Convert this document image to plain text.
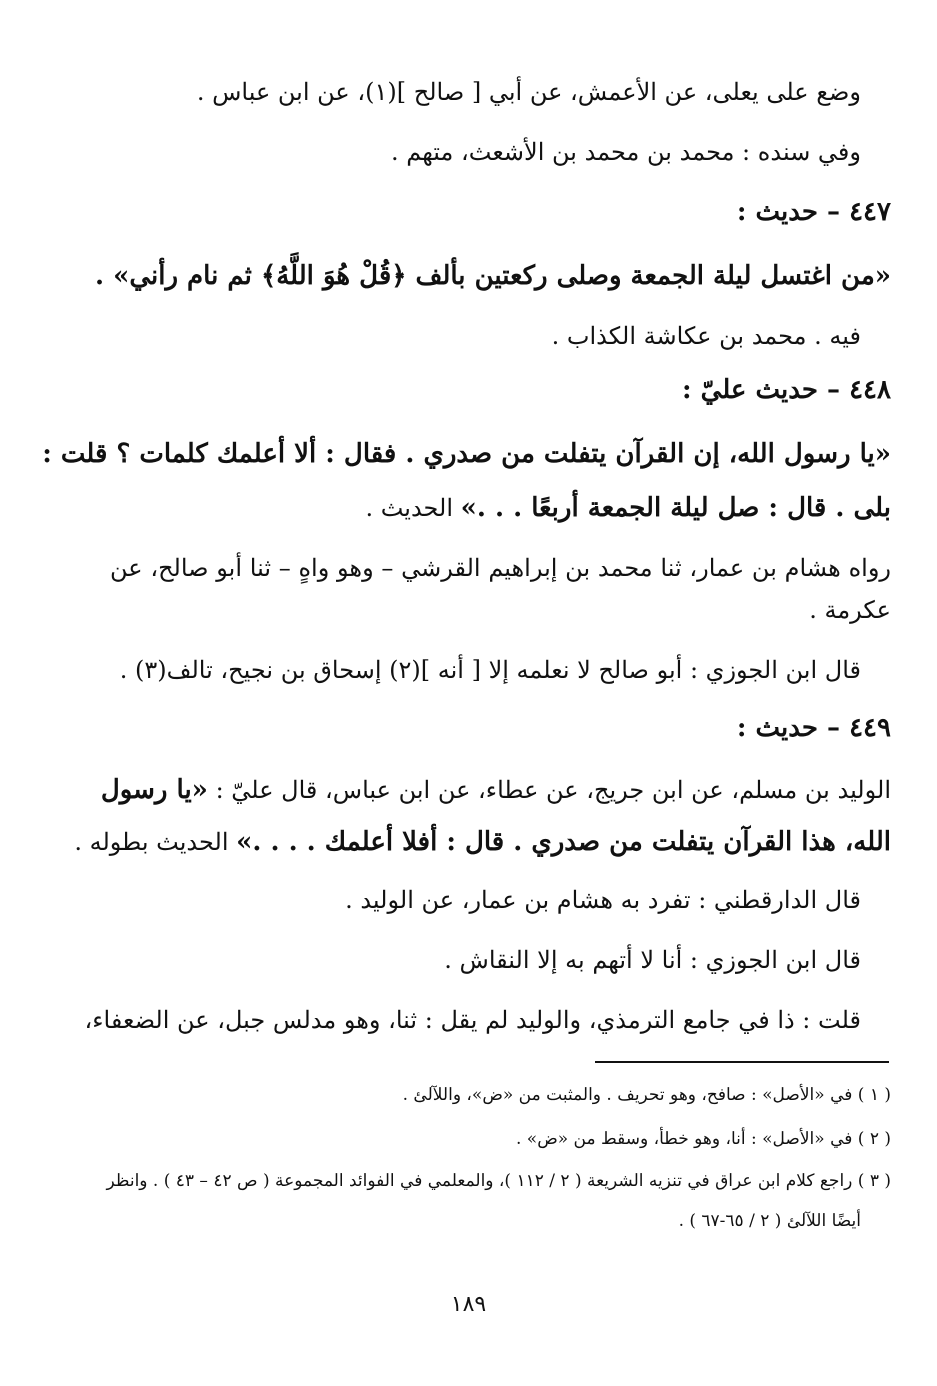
وضع على يعلى، عن الأعمش، عن أبي [ صالح ](١)، عن ابن عباس .
وفي سنده : محمد بن محمد بن الأشعث، متهم .
٤٤٧ – حديث :
«من اغتسل ليلة الجمعة وصلى ركعتين بألف ﴿قُلْ هُوَ اللَّهُ﴾ ثم نام رأني» .
فيه . محمد بن عكاشة الكذاب .
٤٤٨ – حديث عليّ :
«يا رسول الله، إن القرآن يتفلت من صدري . فقال : ألا أعلمك كلمات ؟ قلت :
بلى . قال : صل ليلة الجمعة أربعًا . . .» الحديث .
رواه هشام بن عمار، ثنا محمد بن إبراهيم القرشي – وهو واهٍ – ثنا أبو صالح، عن
عكرمة .
قال ابن الجوزي : أبو صالح لا نعلمه إلا [ أنه ](٢) إسحاق بن نجيح، تالف(٣) .
٤٤٩ – حديث :
الوليد بن مسلم، عن ابن جريج، عن عطاء، عن ابن عباس، قال عليّ : «يا رسول
الله، هذا القرآن يتفلت من صدري . قال : أفلا أعلمك . . . .» الحديث بطوله .
قال الدارقطني : تفرد به هشام بن عمار، عن الوليد .
قال ابن الجوزي : أنا لا أتهم به إلا النقاش .
قلت : ذا في جامع الترمذي، والوليد لم يقل : ثنا، وهو مدلس جبل، عن الضعفاء،
( ١ ) في «الأصل» : صافح، وهو تحريف . والمثبت من «ض»، واللآلئ .
( ٢ ) في «الأصل» : أنا، وهو خطأ، وسقط من «ض» .
( ٣ ) راجع كلام ابن عراق في تنزيه الشريعة ( ٢ / ١١٢ )، والمعلمي في الفوائد المجموعة ( ص ٤٢ – ٤٣ ) . وانظر
أيضًا اللآلئ ( ٢ / ٦٥-٦٧ ) .
١٨٩
